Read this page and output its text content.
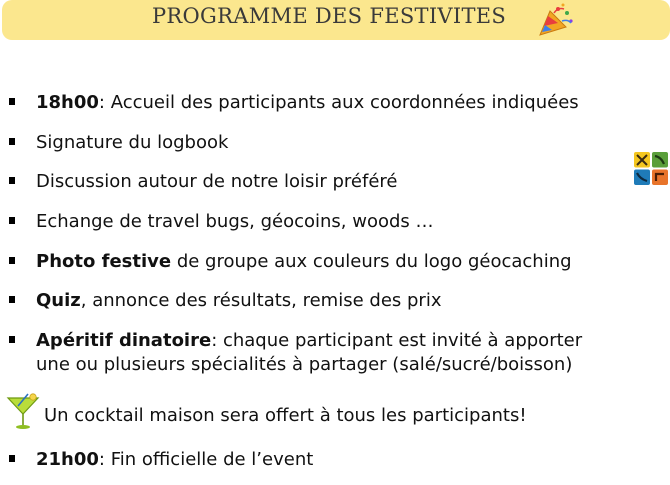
PROGRAMME DES FESTIVITES
18h00: Accueil des participants aux coordonnées indiquées
Signature du logbook
Discussion autour de notre loisir préféré
Echange de travel bugs, géocoins, woods …
Photo festive de groupe aux couleurs du logo géocaching
Quiz, annonce des résultats, remise des prix
Apéritif dinatoire: chaque participant est invité à apporter
une ou plusieurs spécialités à partager (salé/sucré/boisson)
21h00: Fin officielle de l’event
Un cocktail maison sera offert à tous les participants!
